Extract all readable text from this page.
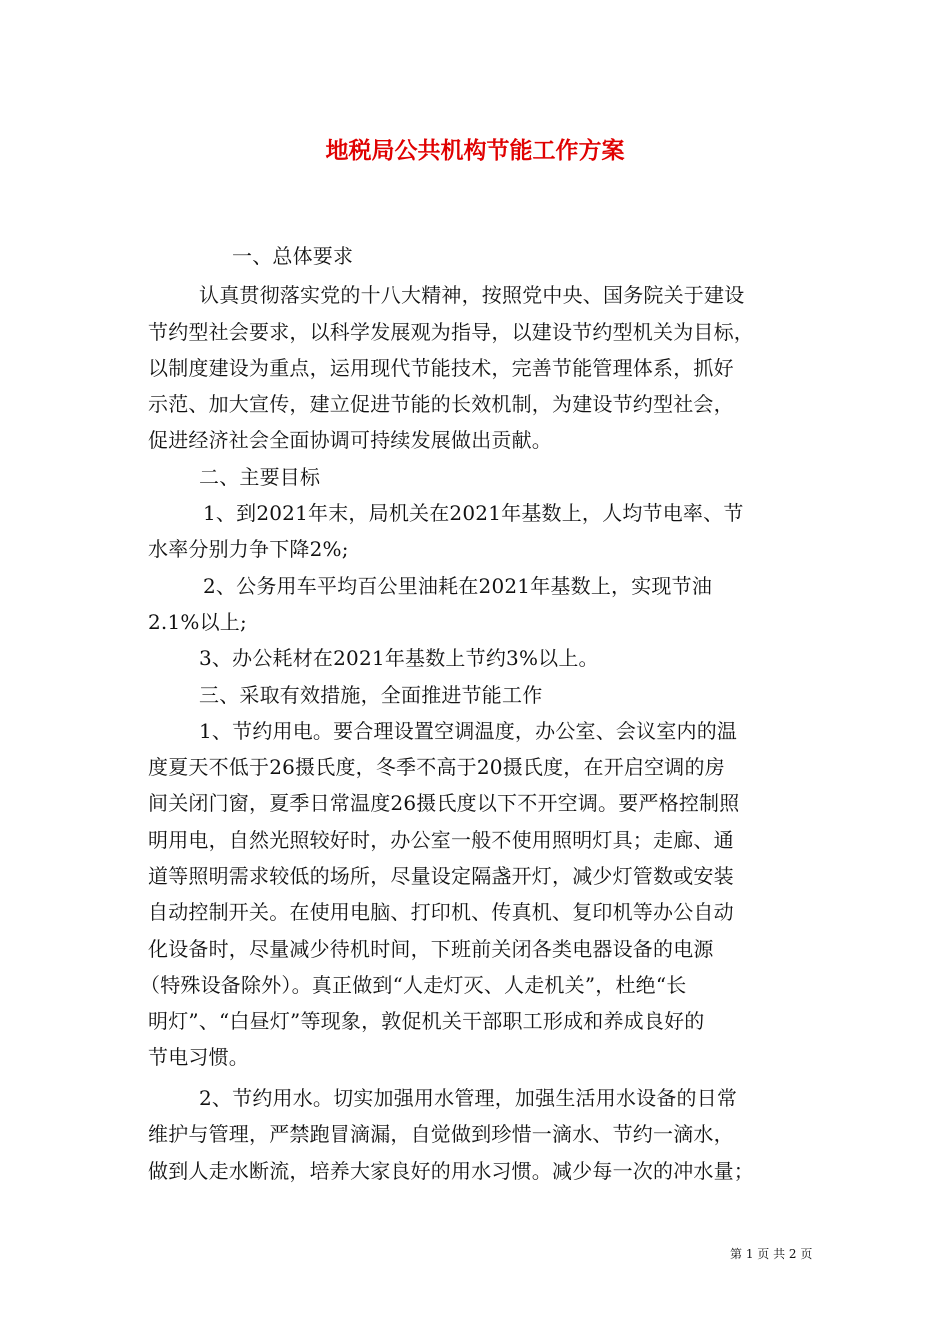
地税局公共机构节能工作方案

一、总体要求

认真贯彻落实党的十八大精神，按照党中央、国务院关于建设

节约型社会要求，以科学发展观为指导，以建设节约型机关为目标，

以制度建设为重点，运用现代节能技术，完善节能管理体系，抓好

示范、加大宣传，建立促进节能的长效机制，为建设节约型社会，

促进经济社会全面协调可持续发展做出贡献。

二、主要目标

1、到2021年末，局机关在2021年基数上，人均节电率、节

水率分别力争下降2%;

2、公务用车平均百公里油耗在2021年基数上，实现节油

2.1%以上;

3、办公耗材在2021年基数上节约3%以上。

三、采取有效措施，全面推进节能工作

1、节约用电。要合理设置空调温度，办公室、会议室内的温

度夏天不低于26摄氏度，冬季不高于20摄氏度，在开启空调的房

间关闭门窗，夏季日常温度26摄氏度以下不开空调。要严格控制照

明用电，自然光照较好时，办公室一般不使用照明灯具；走廊、通

道等照明需求较低的场所，尽量设定隔盏开灯，减少灯管数或安装

自动控制开关。在使用电脑、打印机、传真机、复印机等办公自动

化设备时，尽量减少待机时间，下班前关闭各类电器设备的电源

（特殊设备除外）。真正做到“人走灯灭、人走机关”，杜绝“长

明灯”、“白昼灯”等现象，敦促机关干部职工形成和养成良好的

节电习惯。

2、节约用水。切实加强用水管理，加强生活用水设备的日常

维护与管理，严禁跑冒滴漏，自觉做到珍惜一滴水、节约一滴水，

做到人走水断流，培养大家良好的用水习惯。减少每一次的冲水量；

第 1 页 共 2 页
